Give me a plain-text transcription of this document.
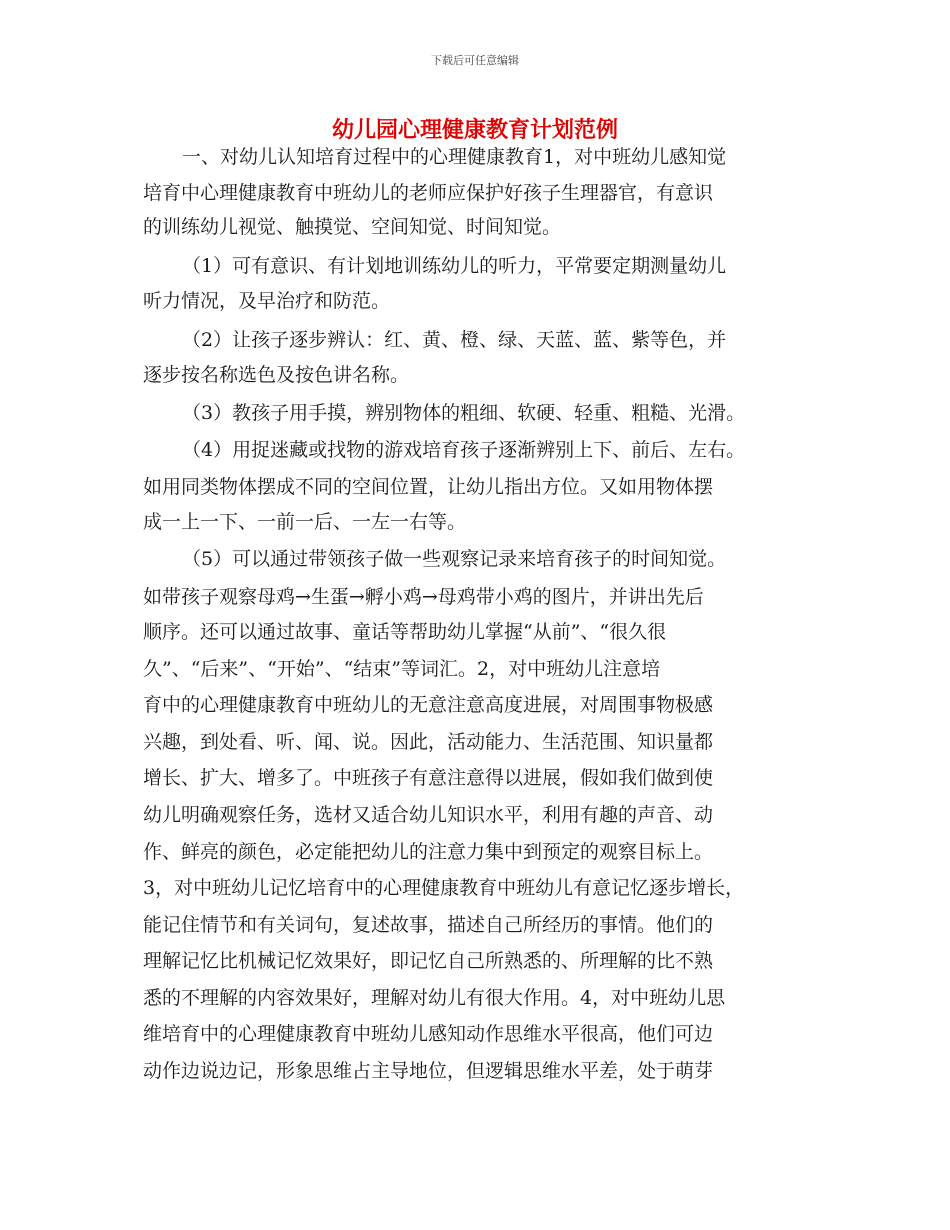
下载后可任意编辑
幼儿园心理健康教育计划范例
一、对幼儿认知培育过程中的心理健康教育1，对中班幼儿感知觉
培育中心理健康教育中班幼儿的老师应保护好孩子生理器官，有意识
的训练幼儿视觉、触摸觉、空间知觉、时间知觉。
（1）可有意识、有计划地训练幼儿的听力，平常要定期测量幼儿
听力情况，及早治疗和防范。
（2）让孩子逐步辨认：红、黄、橙、绿、天蓝、蓝、紫等色，并
逐步按名称选色及按色讲名称。
（3）教孩子用手摸，辨别物体的粗细、软硬、轻重、粗糙、光滑。
（4）用捉迷藏或找物的游戏培育孩子逐渐辨别上下、前后、左右。
如用同类物体摆成不同的空间位置，让幼儿指出方位。又如用物体摆
成一上一下、一前一后、一左一右等。
（5）可以通过带领孩子做一些观察记录来培育孩子的时间知觉。
如带孩子观察母鸡→生蛋→孵小鸡→母鸡带小鸡的图片，并讲出先后
顺序。还可以通过故事、童话等帮助幼儿掌握“从前”、“很久很
久”、“后来”、“开始”、“结束”等词汇。2，对中班幼儿注意培
育中的心理健康教育中班幼儿的无意注意高度进展，对周围事物极感
兴趣，到处看、听、闻、说。因此，活动能力、生活范围、知识量都
增长、扩大、增多了。中班孩子有意注意得以进展，假如我们做到使
幼儿明确观察任务，选材又适合幼儿知识水平，利用有趣的声音、动
作、鲜亮的颜色，必定能把幼儿的注意力集中到预定的观察目标上。
3，对中班幼儿记忆培育中的心理健康教育中班幼儿有意记忆逐步增长，
能记住情节和有关词句，复述故事，描述自己所经历的事情。他们的
理解记忆比机械记忆效果好，即记忆自己所熟悉的、所理解的比不熟
悉的不理解的内容效果好，理解对幼儿有很大作用。4，对中班幼儿思
维培育中的心理健康教育中班幼儿感知动作思维水平很高，他们可边
动作边说边记，形象思维占主导地位，但逻辑思维水平差，处于萌芽
